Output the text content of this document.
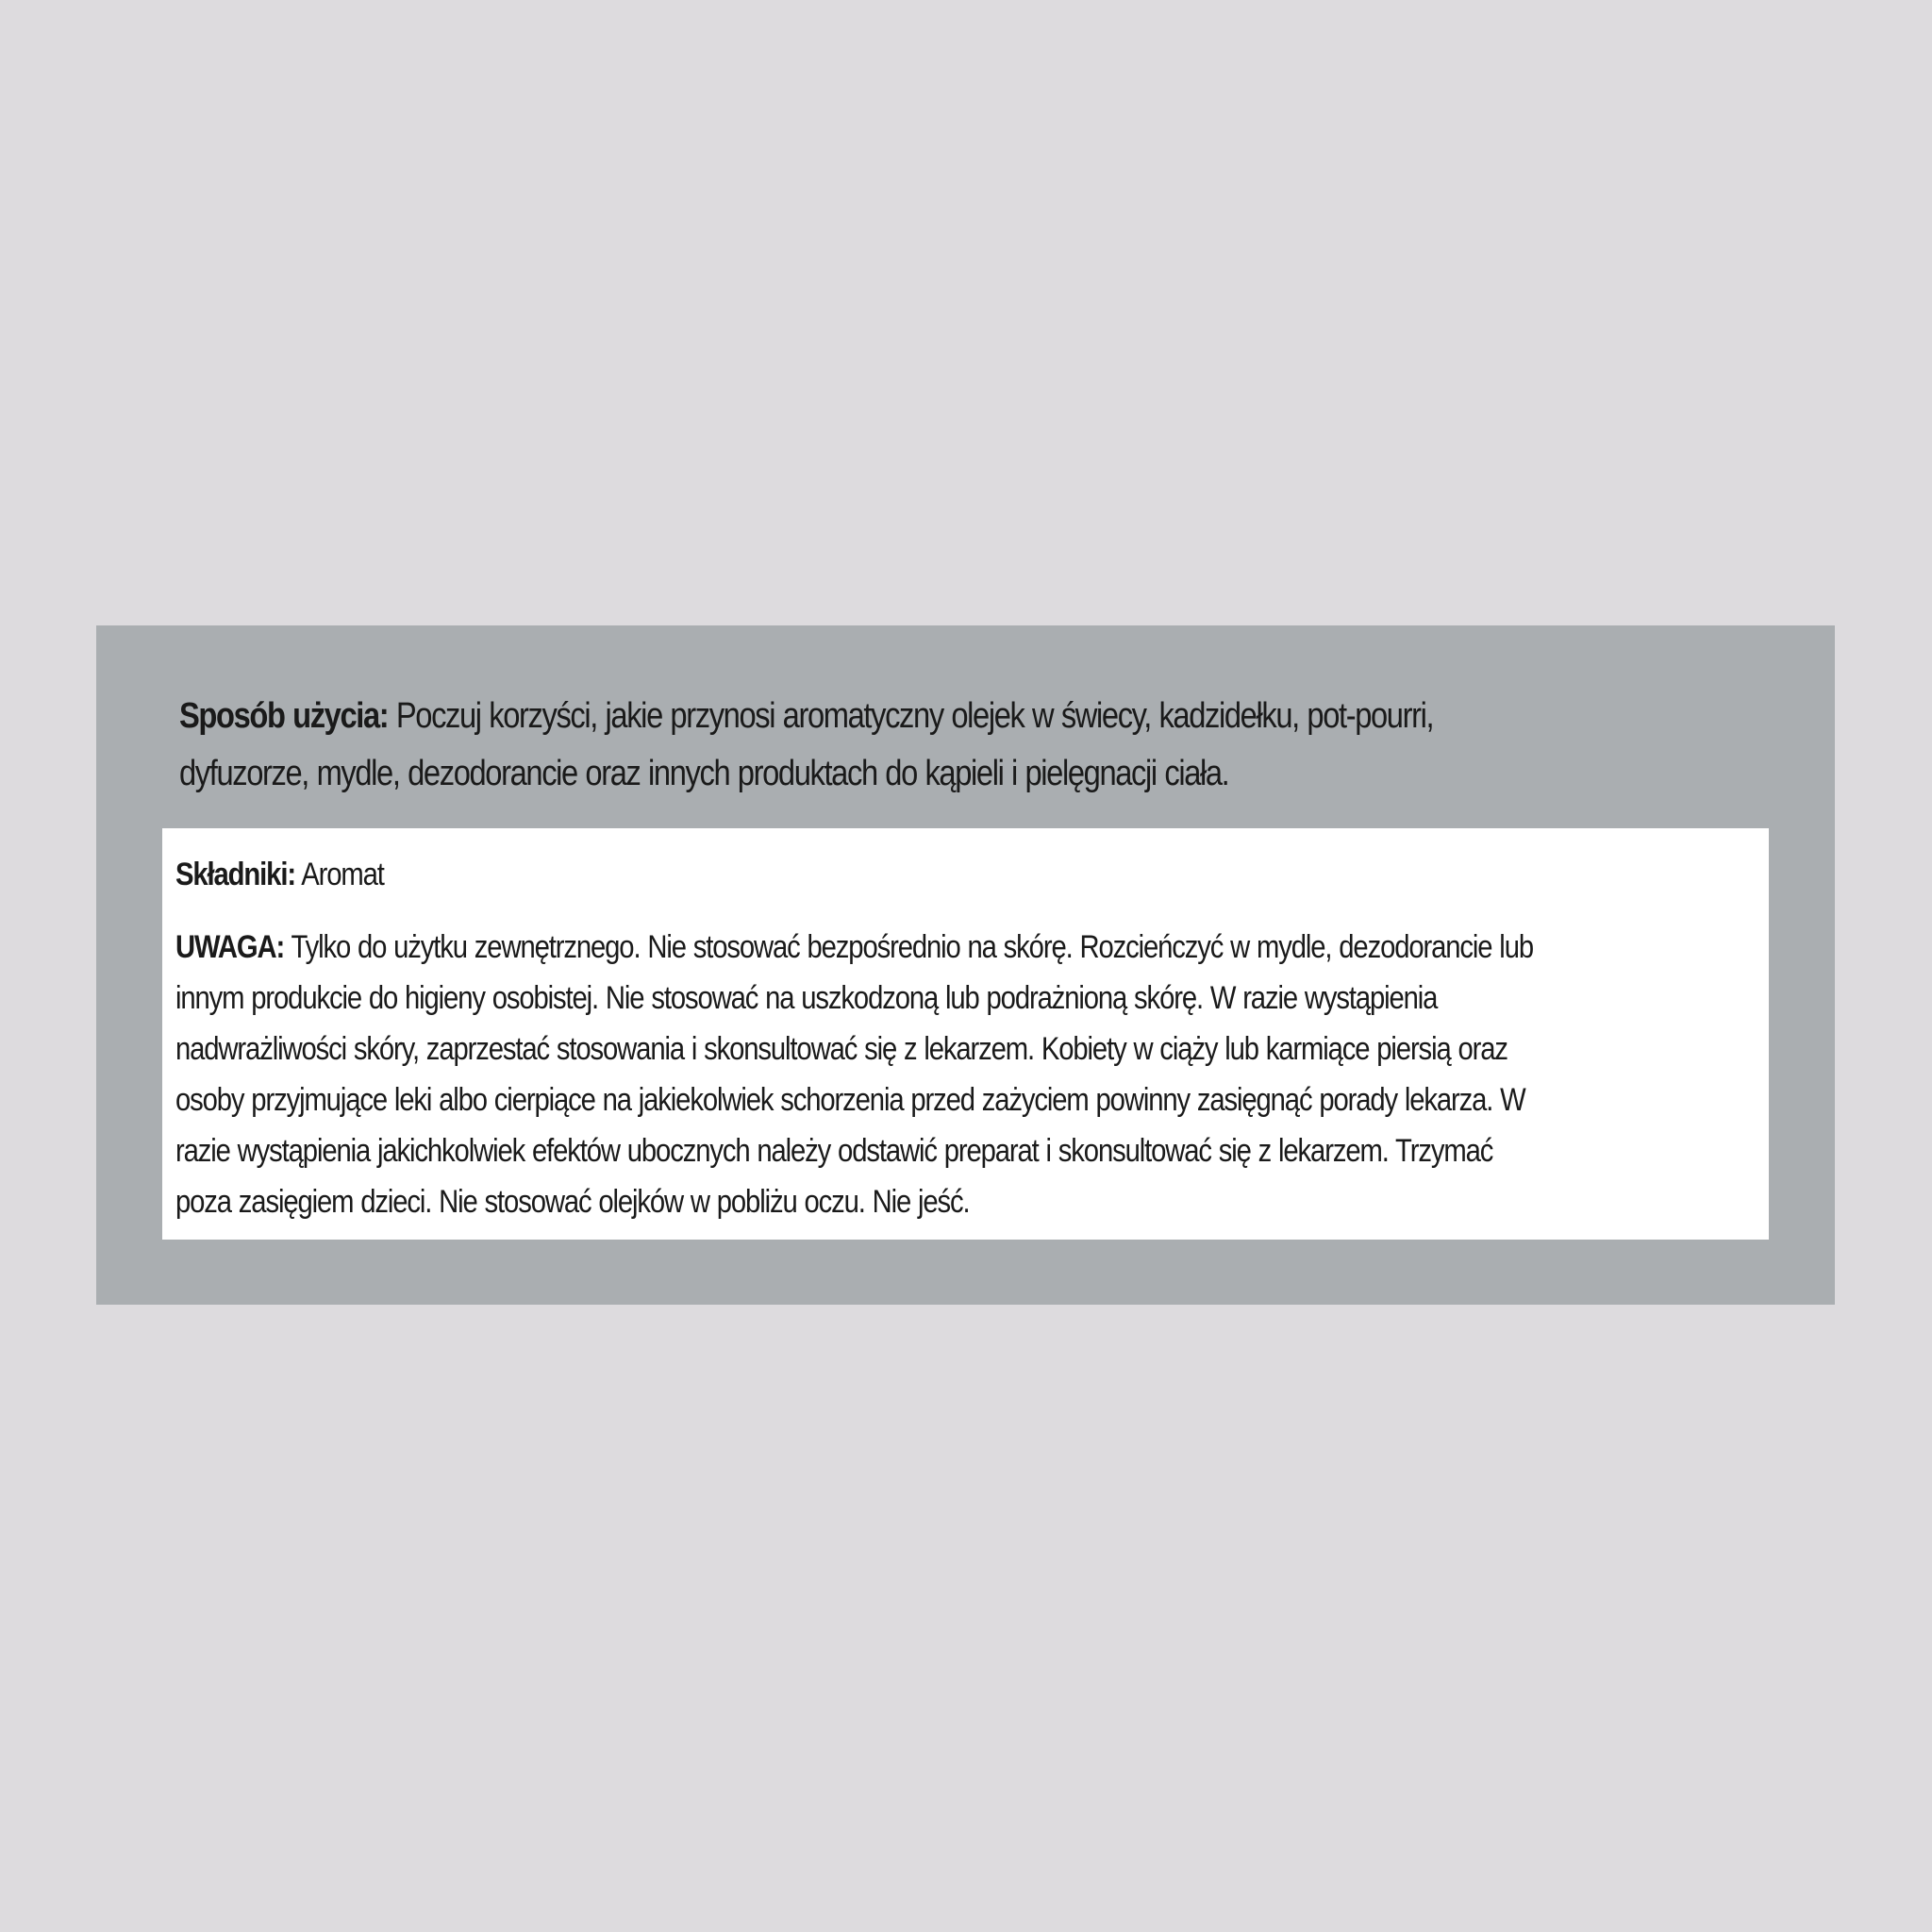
Sposób użycia: Poczuj korzyści, jakie przynosi aromatyczny olejek w świecy, kadzidełku, pot-pourri,
dyfuzorze, mydle, dezodorancie oraz innych produktach do kąpieli i pielęgnacji ciała.

Składniki: Aromat

UWAGA: Tylko do użytku zewnętrznego. Nie stosować bezpośrednio na skórę. Rozcieńczyć w mydle, dezodorancie lub

innym produkcie do higieny osobistej. Nie stosować na uszkodzoną lub podrażnioną skórę. W razie wystąpienia

nadwrażliwości skóry, zaprzestać stosowania i skonsultować się z lekarzem. Kobiety w ciąży lub karmiące piersią oraz

osoby przyjmujące leki albo cierpiące na jakiekolwiek schorzenia przed zażyciem powinny zasięgnąć porady lekarza. W

razie wystąpienia jakichkolwiek efektów ubocznych należy odstawić preparat i skonsultować się z lekarzem. Trzymać

poza zasięgiem dzieci. Nie stosować olejków w pobliżu oczu. Nie jeść.
